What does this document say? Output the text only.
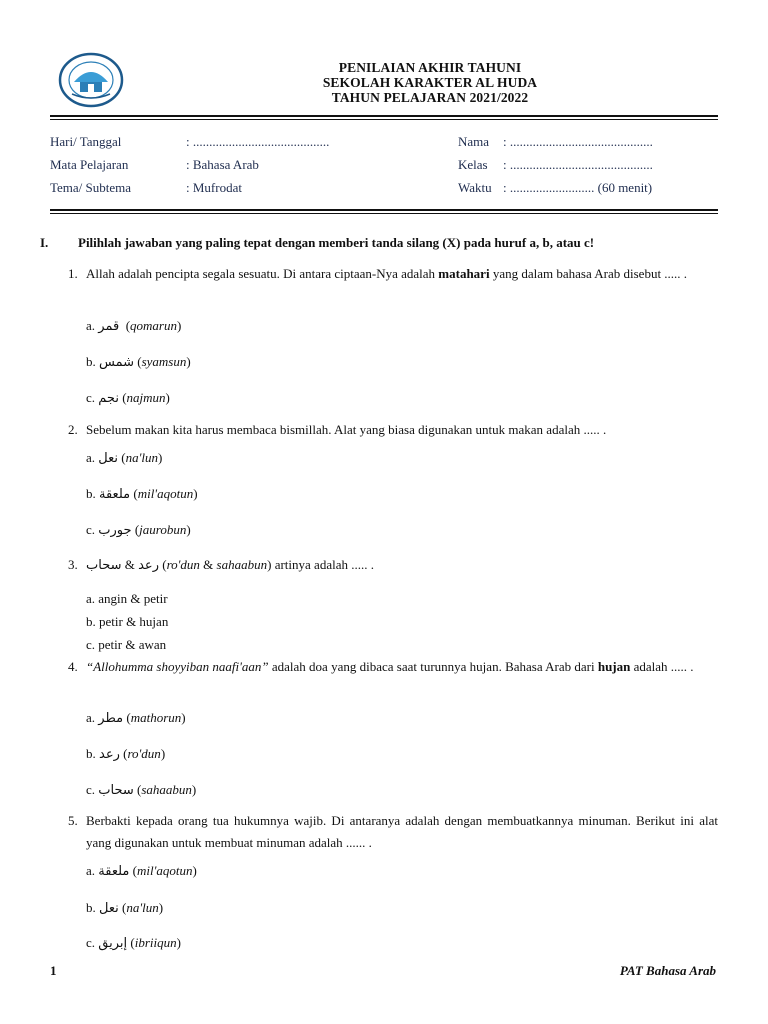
PENILAIAN AKHIR TAHUNI
SEKOLAH KARAKTER AL HUDA
TAHUN PELAJARAN 2021/2022
Hari/ Tanggal	: ..........................................
Mata Pelajaran	: Bahasa Arab
Tema/ Subtema	: Mufrodat
Nama : ............................................
Kelas : ............................................
Waktu : .......................... (60 menit)
I. Pilihlah jawaban yang paling tepat dengan memberi tanda silang (X) pada huruf a, b, atau c!
1. Allah adalah pencipta segala sesuatu. Di antara ciptaan-Nya adalah matahari yang dalam bahasa Arab disebut ..... .
a. قمر  (qomarun)
b. شمس (syamsun)
c. نجم (najmun)
2. Sebelum makan kita harus membaca bismillah. Alat yang biasa digunakan untuk makan adalah ..... .
a. نعل (na'lun)
b. ملعقة (mil'aqotun)
c. جورب (jaurobun)
3. سحاب & رعد (ro'dun & sahaabun) artinya adalah ..... .
a. angin & petir
b. petir & hujan
c. petir & awan
4. “Allohumma shoyyiban naafi'aan” adalah doa yang dibaca saat turunnya hujan. Bahasa Arab dari hujan adalah ..... .
a. مطر (mathorun)
b. رعد (ro'dun)
c. سحاب (sahaabun)
5. Berbakti kepada orang tua hukumnya wajib. Di antaranya adalah dengan membuatkannya minuman. Berikut ini alat yang digunakan untuk membuat minuman adalah ...... .
a. ملعقة (mil'aqotun)
b. نعل (na'lun)
c. إبريق (ibriiqun)
1	PAT Bahasa Arab
